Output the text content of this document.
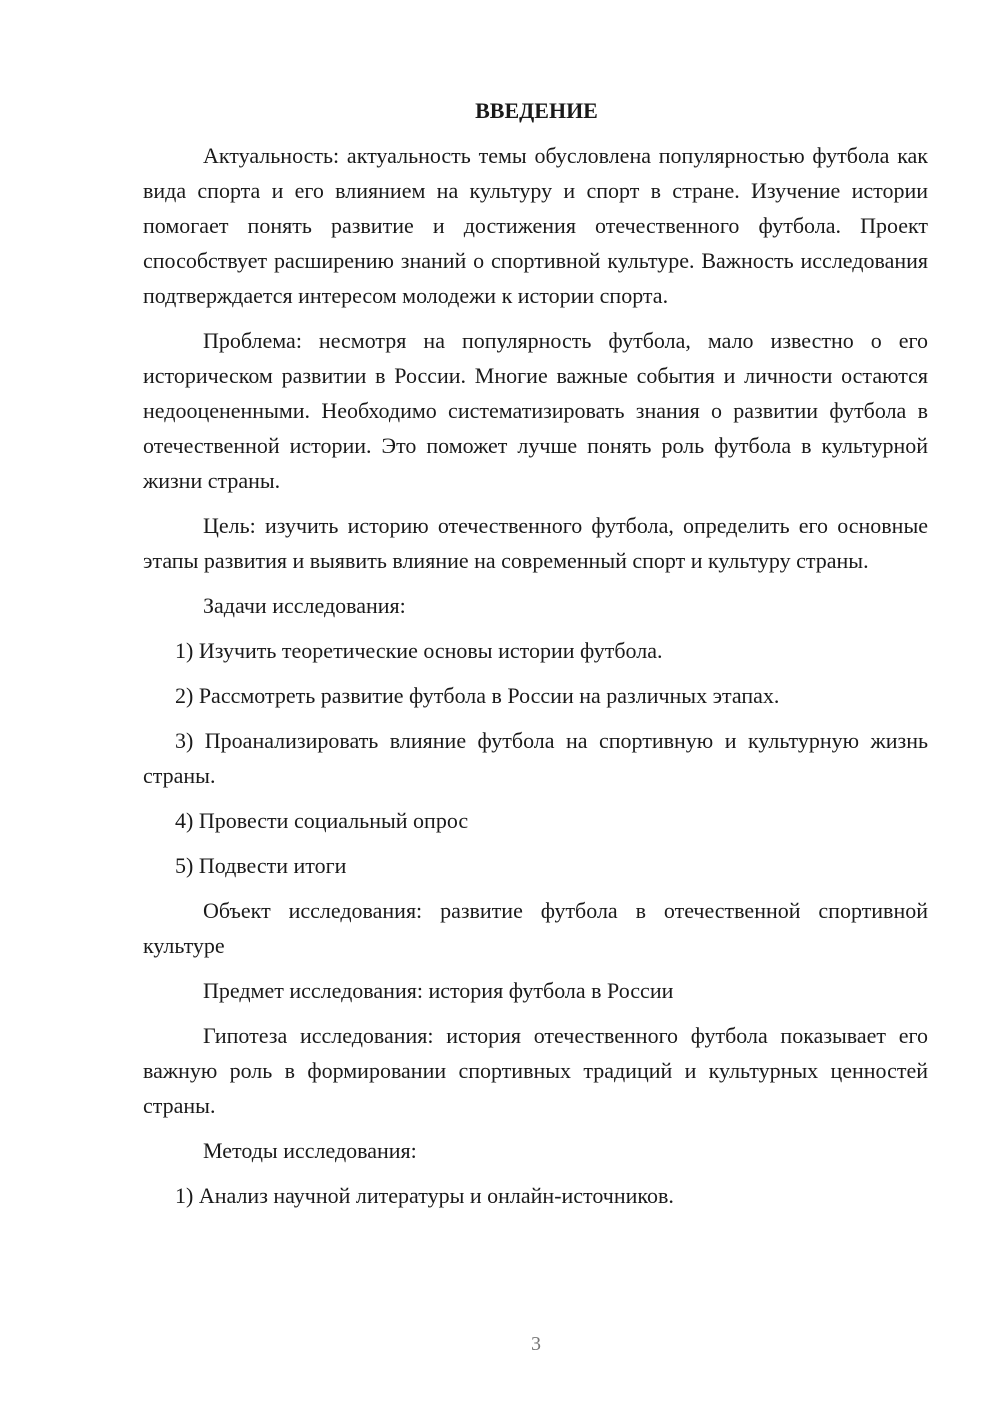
ВВЕДЕНИЕ

Актуальность: актуальность темы обусловлена популярностью футбола как вида спорта и его влиянием на культуру и спорт в стране. Изучение истории помогает понять развитие и достижения отечественного футбола. Проект способствует расширению знаний о спортивной культуре. Важность исследования подтверждается интересом молодежи к истории спорта.

Проблема: несмотря на популярность футбола, мало известно о его историческом развитии в России. Многие важные события и личности остаются недооцененными. Необходимо систематизировать знания о развитии футбола в отечественной истории. Это поможет лучше понять роль футбола в культурной жизни страны.

Цель: изучить историю отечественного футбола, определить его основные этапы развития и выявить влияние на современный спорт и культуру страны.

Задачи исследования:

1) Изучить теоретические основы истории футбола.

2) Рассмотреть развитие футбола в России на различных этапах.

3) Проанализировать влияние футбола на спортивную и культурную жизнь страны.

4) Провести социальный опрос

5) Подвести итоги

Объект исследования: развитие футбола в отечественной спортивной культуре

Предмет исследования: история футбола в России

Гипотеза исследования: история отечественного футбола показывает его важную роль в формировании спортивных традиций и культурных ценностей страны.

Методы исследования:

1) Анализ научной литературы и онлайн-источников.

3
